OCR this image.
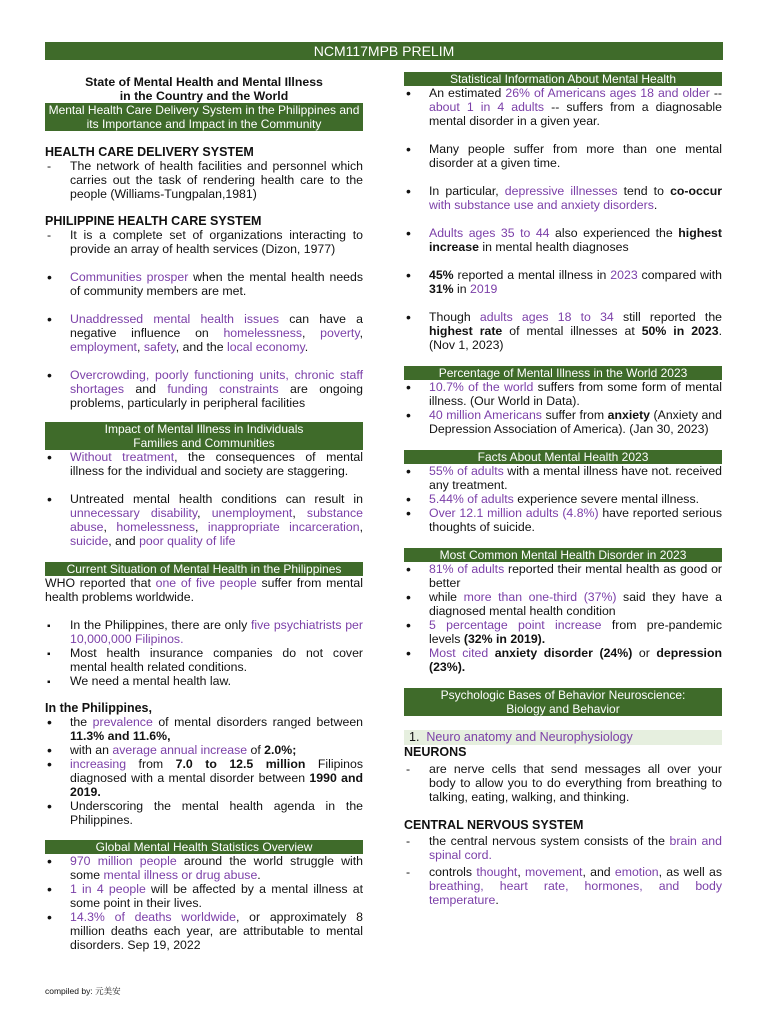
NCM117MPB PRELIM
State of Mental Health and Mental Illness
in the Country and the World
Mental Health Care Delivery System in the Philippines and its Importance and Impact in the Community
HEALTH CARE DELIVERY SYSTEM
-
The network of health facilities and personnel which carries out the task of rendering health care to the people (Williams-Tungpalan,1981)
PHILIPPINE HEALTH CARE SYSTEM
-
It is a complete set of organizations interacting to provide an array of health services (Dizon, 1977)
•
Communities prosper when the mental health needs of community members are met.
•
Unaddressed mental health issues can have a negative influence on homelessness, poverty, employment, safety, and the local economy.
•
Overcrowding, poorly functioning units, chronic staff shortages and funding constraints are ongoing problems, particularly in peripheral facilities
Impact of Mental Illness in Individuals Families and Communities
•
Without treatment, the consequences of mental illness for the individual and society are staggering.
•
Untreated mental health conditions can result in unnecessary disability, unemployment, substance abuse, homelessness, inappropriate incarceration, suicide, and poor quality of life
Current Situation of Mental Health in the Philippines
WHO reported that one of five people suffer from mental health problems worldwide.
▪
In the Philippines, there are only five psychiatrists per 10,000,000 Filipinos.
▪
Most health insurance companies do not cover mental health related conditions.
▪
We need a mental health law.
In the Philippines,
•
the prevalence of mental disorders ranged between 11.3% and 11.6%,
•
with an average annual increase of 2.0%;
•
increasing from 7.0 to 12.5 million Filipinos diagnosed with a mental disorder between 1990 and 2019.
•
Underscoring the mental health agenda in the Philippines.
Global Mental Health Statistics Overview
•
970 million people around the world struggle with some mental illness or drug abuse.
•
1 in 4 people will be affected by a mental illness at some point in their lives.
•
14.3% of deaths worldwide, or approximately 8 million deaths each year, are attributable to mental disorders. Sep 19, 2022
Statistical Information About Mental Health
•
An estimated 26% of Americans ages 18 and older -- about 1 in 4 adults -- suffers from a diagnosable mental disorder in a given year.
•
Many people suffer from more than one mental disorder at a given time.
•
In particular, depressive illnesses tend to co-occur with substance use and anxiety disorders.
•
Adults ages 35 to 44 also experienced the highest increase in mental health diagnoses
•
45% reported a mental illness in 2023 compared with 31% in 2019
•
Though adults ages 18 to 34 still reported the highest rate of mental illnesses at 50% in 2023. (Nov 1, 2023)
Percentage of Mental Illness in the World 2023
•
10.7% of the world suffers from some form of mental illness. (Our World in Data).
•
40 million Americans suffer from anxiety (Anxiety and Depression Association of America). (Jan 30, 2023)
Facts About Mental Health 2023
•
55% of adults with a mental illness have not. received any treatment.
•
5.44% of adults experience severe mental illness.
•
Over 12.1 million adults (4.8%) have reported serious thoughts of suicide.
Most Common Mental Health Disorder in 2023
•
81% of adults reported their mental health as good or better
•
while more than one-third (37%) said they have a diagnosed mental health condition
•
5 percentage point increase from pre-pandemic levels (32% in 2019).
•
Most cited anxiety disorder (24%) or depression (23%).
Psychologic Bases of Behavior Neuroscience: Biology and Behavior
1. Neuro anatomy and Neurophysiology
NEURONS
-
are nerve cells that send messages all over your body to allow you to do everything from breathing to talking, eating, walking, and thinking.
CENTRAL NERVOUS SYSTEM
-
the central nervous system consists of the brain and spinal cord.
-
controls thought, movement, and emotion, as well as breathing, heart rate, hormones, and body temperature.
compiled by: 元美安
